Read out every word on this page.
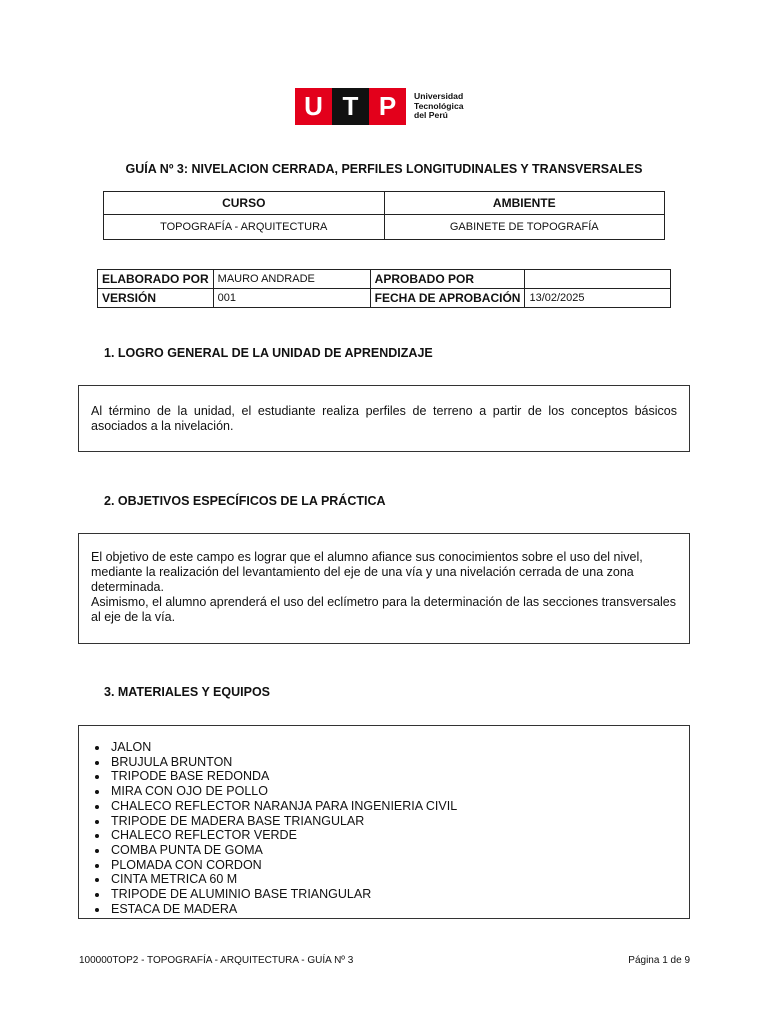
U T P	Universidad
Tecnológica
del Perú
GUÍA Nº 3: NIVELACION CERRADA, PERFILES LONGITUDINALES Y TRANSVERSALES
CURSO	AMBIENTE
TOPOGRAFÍA - ARQUITECTURA	GABINETE DE TOPOGRAFÍA
ELABORADO POR	MAURO ANDRADE	APROBADO POR	
VERSIÓN	001	FECHA DE APROBACIÓN	13/02/2025
1. LOGRO GENERAL DE LA UNIDAD DE APRENDIZAJE
Al término de la unidad, el estudiante realiza perfiles de terreno a partir de los conceptos básicos asociados a la nivelación.
2. OBJETIVOS ESPECÍFICOS DE LA PRÁCTICA
El objetivo de este campo es lograr que el alumno afiance sus conocimientos sobre el uso del nivel, mediante la realización del levantamiento del eje de una vía y una nivelación cerrada de una zona determinada.
Asimismo, el alumno aprenderá el uso del eclímetro para la determinación de las secciones transversales al eje de la vía.
3. MATERIALES Y EQUIPOS
JALON
BRUJULA BRUNTON
TRIPODE BASE REDONDA
MIRA CON OJO DE POLLO
CHALECO REFLECTOR NARANJA PARA INGENIERIA CIVIL
TRIPODE DE MADERA BASE TRIANGULAR
CHALECO REFLECTOR VERDE
COMBA PUNTA DE GOMA
PLOMADA CON CORDON
CINTA METRICA 60 M
TRIPODE DE ALUMINIO BASE TRIANGULAR
ESTACA DE MADERA
100000TOP2 - TOPOGRAFÍA - ARQUITECTURA - GUÍA Nº 3	Página 1 de 9
